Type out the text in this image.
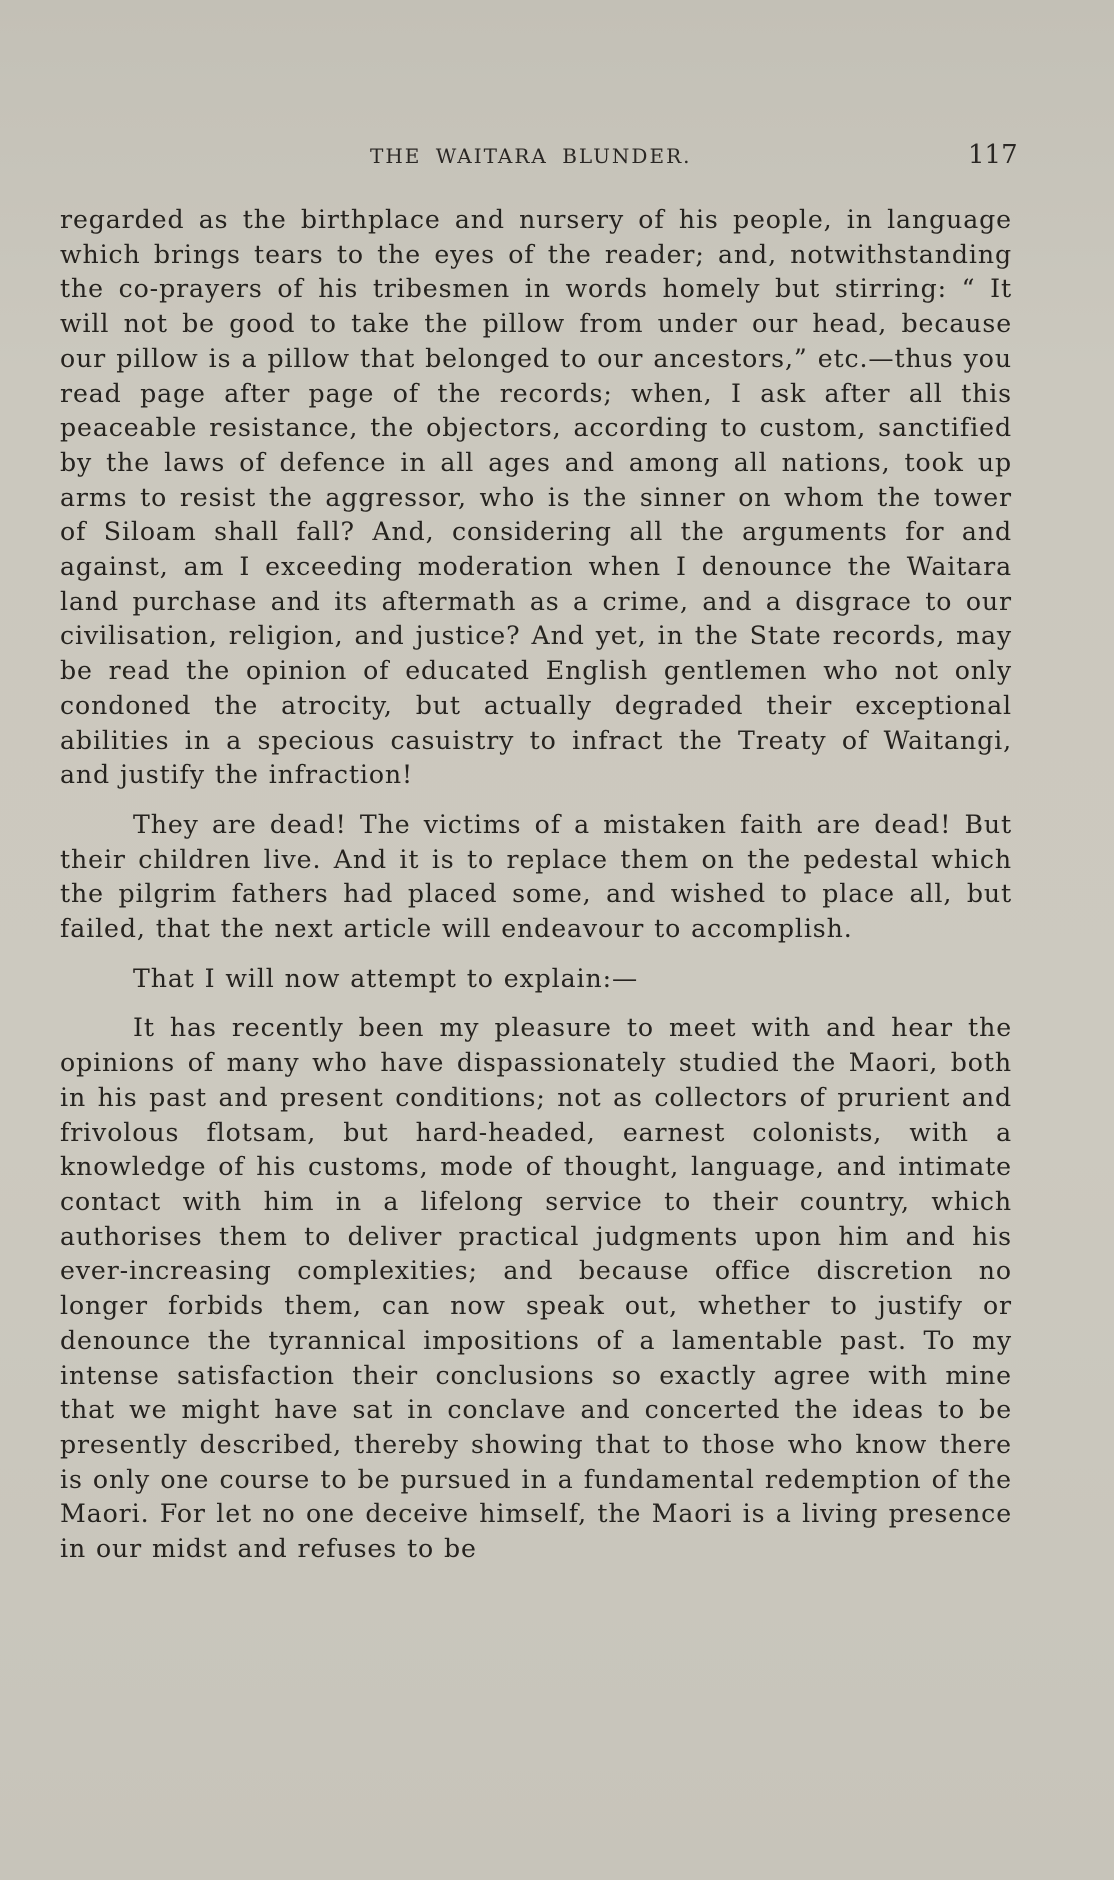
THE WAITARA BLUNDER.	117

regarded as the birthplace and nursery of his people, in language which brings tears to the eyes of the reader; and, notwithstanding the co-prayers of his tribesmen in words homely but stirring: “ It will not be good to take the pillow from under our head, because our pillow is a pillow that belonged to our ancestors,” etc.—thus you read page after page of the records; when, I ask after all this peaceable resistance, the objectors, according to custom, sanctified by the laws of defence in all ages and among all nations, took up arms to resist the aggressor, who is the sinner on whom the tower of Siloam shall fall? And, considering all the arguments for and against, am I exceeding moderation when I denounce the Waitara land purchase and its aftermath as a crime, and a disgrace to our civilisation, religion, and justice? And yet, in the State records, may be read the opinion of educated English gentlemen who not only condoned the atrocity, but actually degraded their exceptional abilities in a specious casuistry to infract the Treaty of Waitangi, and justify the infraction!

They are dead! The victims of a mistaken faith are dead! But their children live. And it is to replace them on the pedestal which the pilgrim fathers had placed some, and wished to place all, but failed, that the next article will endeavour to accomplish.

That I will now attempt to explain:—

It has recently been my pleasure to meet with and hear the opinions of many who have dispassionately studied the Maori, both in his past and present conditions; not as collectors of prurient and frivolous flotsam, but hard-headed, earnest colonists, with a knowledge of his customs, mode of thought, language, and intimate contact with him in a lifelong service to their country, which authorises them to deliver practical judgments upon him and his ever-increasing complexities; and because office discretion no longer forbids them, can now speak out, whether to justify or denounce the tyrannical impositions of a lamentable past. To my intense satisfaction their conclusions so exactly agree with mine that we might have sat in conclave and concerted the ideas to be presently described, thereby showing that to those who know there is only one course to be pursued in a fundamental redemption of the Maori. For let no one deceive himself, the Maori is a living presence in our midst and refuses to be
